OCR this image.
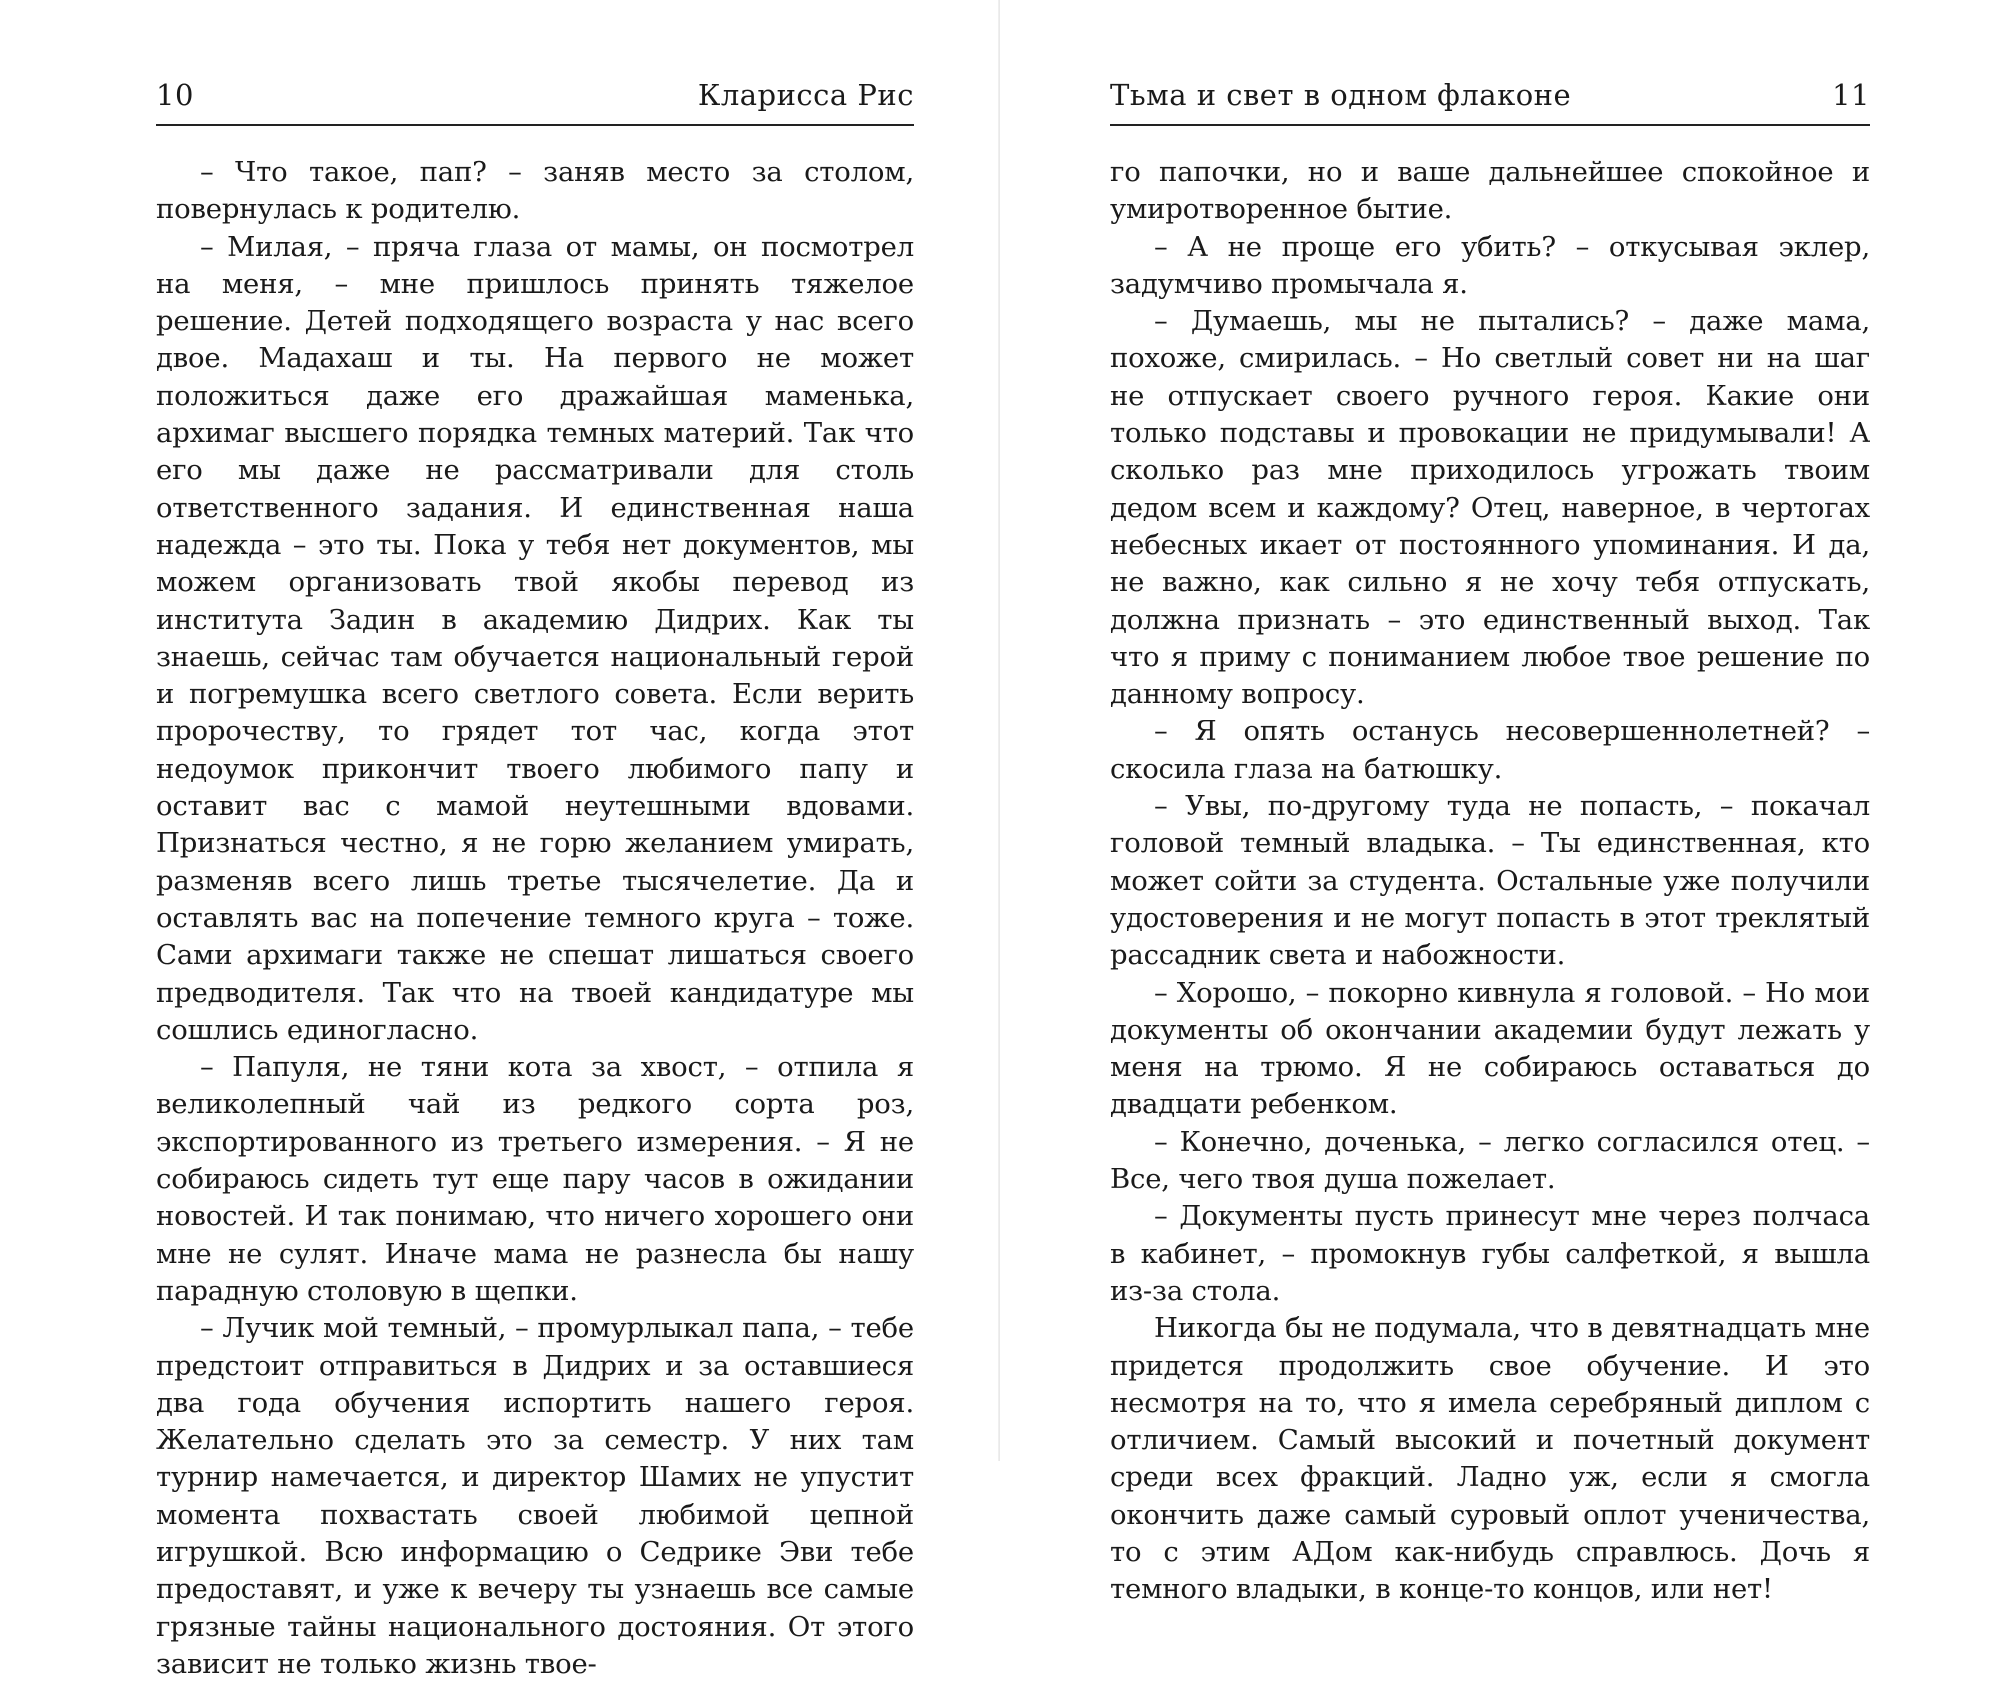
10	Кларисса Рис

– Что такое, пап? – заняв место за столом, повернулась к родителю.

– Милая, – пряча глаза от мамы, он посмотрел на меня, – мне пришлось принять тяжелое решение. Детей подходящего возраста у нас всего двое. Мадахаш и ты. На первого не может положиться даже его дражайшая маменька, архимаг высшего порядка темных материй. Так что его мы даже не рассматривали для столь ответственного задания. И единственная наша надежда – это ты. Пока у тебя нет документов, мы можем организовать твой якобы перевод из института Задин в академию Дидрих. Как ты знаешь, сейчас там обучается национальный герой и погремушка всего светлого совета. Если верить пророчеству, то грядет тот час, когда этот недоумок прикончит твоего любимого папу и оставит вас с мамой неутешными вдовами. Признаться честно, я не горю желанием умирать, разменяв всего лишь третье тысячелетие. Да и оставлять вас на попечение темного круга – тоже. Сами архимаги также не спешат лишаться своего предводителя. Так что на твоей кандидатуре мы сошлись единогласно.

– Папуля, не тяни кота за хвост, – отпила я великолепный чай из редкого сорта роз, экспортированного из третьего измерения. – Я не собираюсь сидеть тут еще пару часов в ожидании новостей. И так понимаю, что ничего хорошего они мне не сулят. Иначе мама не разнесла бы нашу парадную столовую в щепки.

– Лучик мой темный, – промурлыкал папа, – тебе предстоит отправиться в Дидрих и за оставшиеся два года обучения испортить нашего героя. Желательно сделать это за семестр. У них там турнир намечается, и директор Шамих не упустит момента похвастать своей любимой цепной игрушкой. Всю информацию о Седрике Эви тебе предоставят, и уже к вечеру ты узнаешь все самые грязные тайны национального достояния. От этого зависит не только жизнь твое-

Тьма и свет в одном флаконе	11

го папочки, но и ваше дальнейшее спокойное и умиротворенное бытие.

– А не проще его убить? – откусывая эклер, задумчиво промычала я.

– Думаешь, мы не пытались? – даже мама, похоже, смирилась. – Но светлый совет ни на шаг не отпускает своего ручного героя. Какие они только подставы и провокации не придумывали! А сколько раз мне приходилось угрожать твоим дедом всем и каждому? Отец, наверное, в чертогах небесных икает от постоянного упоминания. И да, не важно, как сильно я не хочу тебя отпускать, должна признать – это единственный выход. Так что я приму с пониманием любое твое решение по данному вопросу.

– Я опять останусь несовершеннолетней? – скосила глаза на батюшку.

– Увы, по-другому туда не попасть, – покачал головой темный владыка. – Ты единственная, кто может сойти за студента. Остальные уже получили удостоверения и не могут попасть в этот треклятый рассадник света и набожности.

– Хорошо, – покорно кивнула я головой. – Но мои документы об окончании академии будут лежать у меня на трюмо. Я не собираюсь оставаться до двадцати ребенком.

– Конечно, доченька, – легко согласился отец. – Все, чего твоя душа пожелает.

– Документы пусть принесут мне через полчаса в кабинет, – промокнув губы салфеткой, я вышла из-за стола.

Никогда бы не подумала, что в девятнадцать мне придется продолжить свое обучение. И это несмотря на то, что я имела серебряный диплом с отличием. Самый высокий и почетный документ среди всех фракций. Ладно уж, если я смогла окончить даже самый суровый оплот ученичества, то с этим АДом как-нибудь справлюсь. Дочь я темного владыки, в конце-то концов, или нет!
